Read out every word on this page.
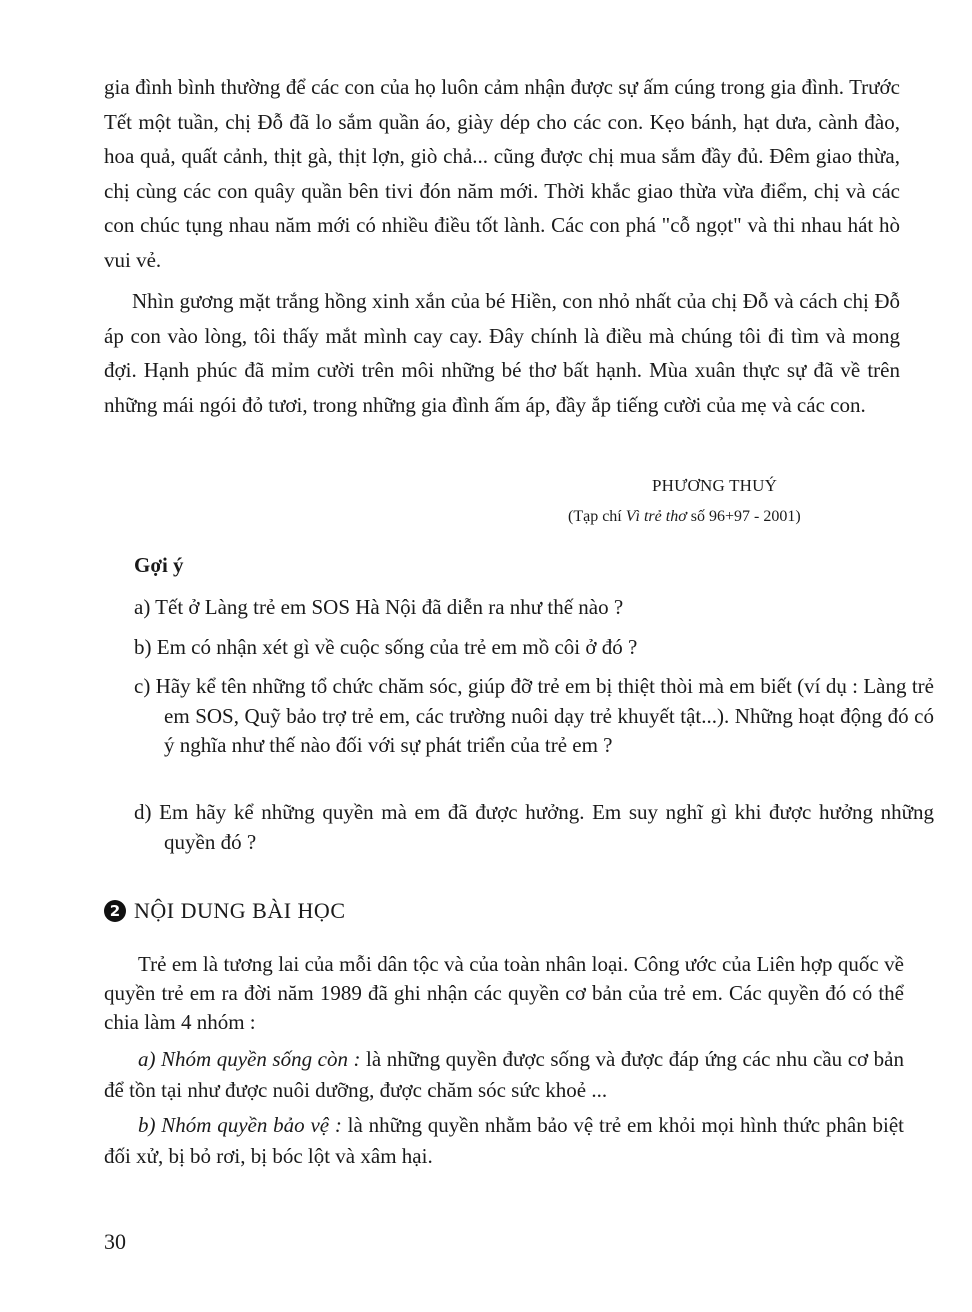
gia đình bình thường để các con của họ luôn cảm nhận được sự ấm cúng trong gia đình. Trước Tết một tuần, chị Đỗ đã lo sắm quần áo, giày dép cho các con. Kẹo bánh, hạt dưa, cành đào, hoa quả, quất cảnh, thịt gà, thịt lợn, giò chả... cũng được chị mua sắm đầy đủ. Đêm giao thừa, chị cùng các con quây quần bên tivi đón năm mới. Thời khắc giao thừa vừa điểm, chị và các con chúc tụng nhau năm mới có nhiều điều tốt lành. Các con phá "cỗ ngọt" và thi nhau hát hò vui vẻ.

Nhìn gương mặt trắng hồng xinh xắn của bé Hiền, con nhỏ nhất của chị Đỗ và cách chị Đỗ áp con vào lòng, tôi thấy mắt mình cay cay. Đây chính là điều mà chúng tôi đi tìm và mong đợi. Hạnh phúc đã mỉm cười trên môi những bé thơ bất hạnh. Mùa xuân thực sự đã về trên những mái ngói đỏ tươi, trong những gia đình ấm áp, đầy ắp tiếng cười của mẹ và các con.

PHƯƠNG THUÝ
(Tạp chí Vì trẻ thơ số 96+97 - 2001)
Gợi ý

a) Tết ở Làng trẻ em SOS Hà Nội đã diễn ra như thế nào ?

b) Em có nhận xét gì về cuộc sống của trẻ em mồ côi ở đó ?

c) Hãy kể tên những tổ chức chăm sóc, giúp đỡ trẻ em bị thiệt thòi mà em biết (ví dụ : Làng trẻ em SOS, Quỹ bảo trợ trẻ em, các trường nuôi dạy trẻ khuyết tật...). Những hoạt động đó có ý nghĩa như thế nào đối với sự phát triển của trẻ em ?

d) Em hãy kể những quyền mà em đã được hưởng. Em suy nghĩ gì khi được hưởng những quyền đó ?

2 NỘI DUNG BÀI HỌC

Trẻ em là tương lai của mỗi dân tộc và của toàn nhân loại. Công ước của Liên hợp quốc về quyền trẻ em ra đời năm 1989 đã ghi nhận các quyền cơ bản của trẻ em. Các quyền đó có thể chia làm 4 nhóm :

a) Nhóm quyền sống còn : là những quyền được sống và được đáp ứng các nhu cầu cơ bản để tồn tại như được nuôi dưỡng, được chăm sóc sức khoẻ ...

b) Nhóm quyền bảo vệ : là những quyền nhằm bảo vệ trẻ em khỏi mọi hình thức phân biệt đối xử, bị bỏ rơi, bị bóc lột và xâm hại.

30
